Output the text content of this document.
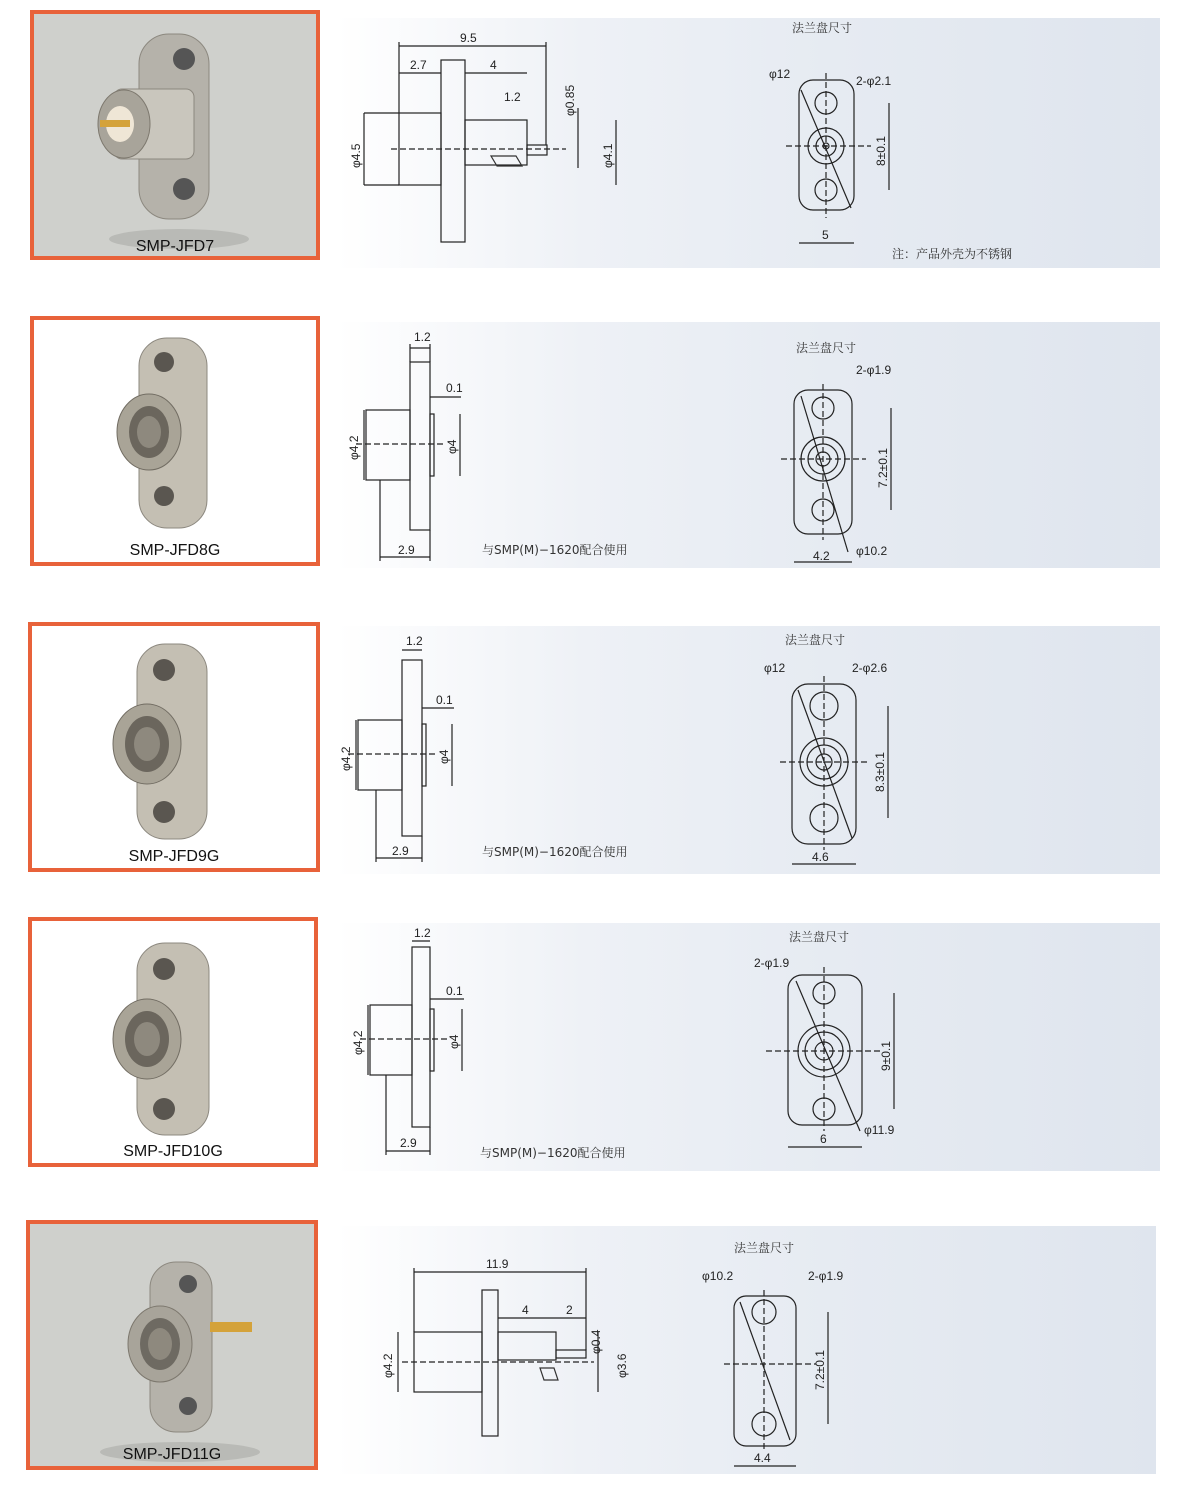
SMP-JFD7
9.5
2.7	4
1.2	φ0.85
φ4.5	φ4.1
法兰盘尺寸
φ12	2-φ2.1
8±0.1
5
注：产品外壳为不锈钢
SMP-JFD8G
1.2
0.1
φ4.2	φ4
2.9	与SMP(M)−1620配合使用
法兰盘尺寸
2-φ1.9
7.2±0.1
4.2 φ10.2
SMP-JFD9G
1.2
0.1
φ4.2	φ4
2.9	与SMP(M)−1620配合使用
法兰盘尺寸
φ12	2-φ2.6
8.3±0.1
4.6
SMP-JFD10G
1.2
0.1
φ4.2	φ4
2.9
与SMP(M)−1620配合使用
法兰盘尺寸
2-φ1.9
9±0.1
6
φ11.9
SMP-JFD11G
11.9
4	2
φ0.4
φ4.2	φ3.6
法兰盘尺寸
φ10.2	2-φ1.9
7.2±0.1
4.4
